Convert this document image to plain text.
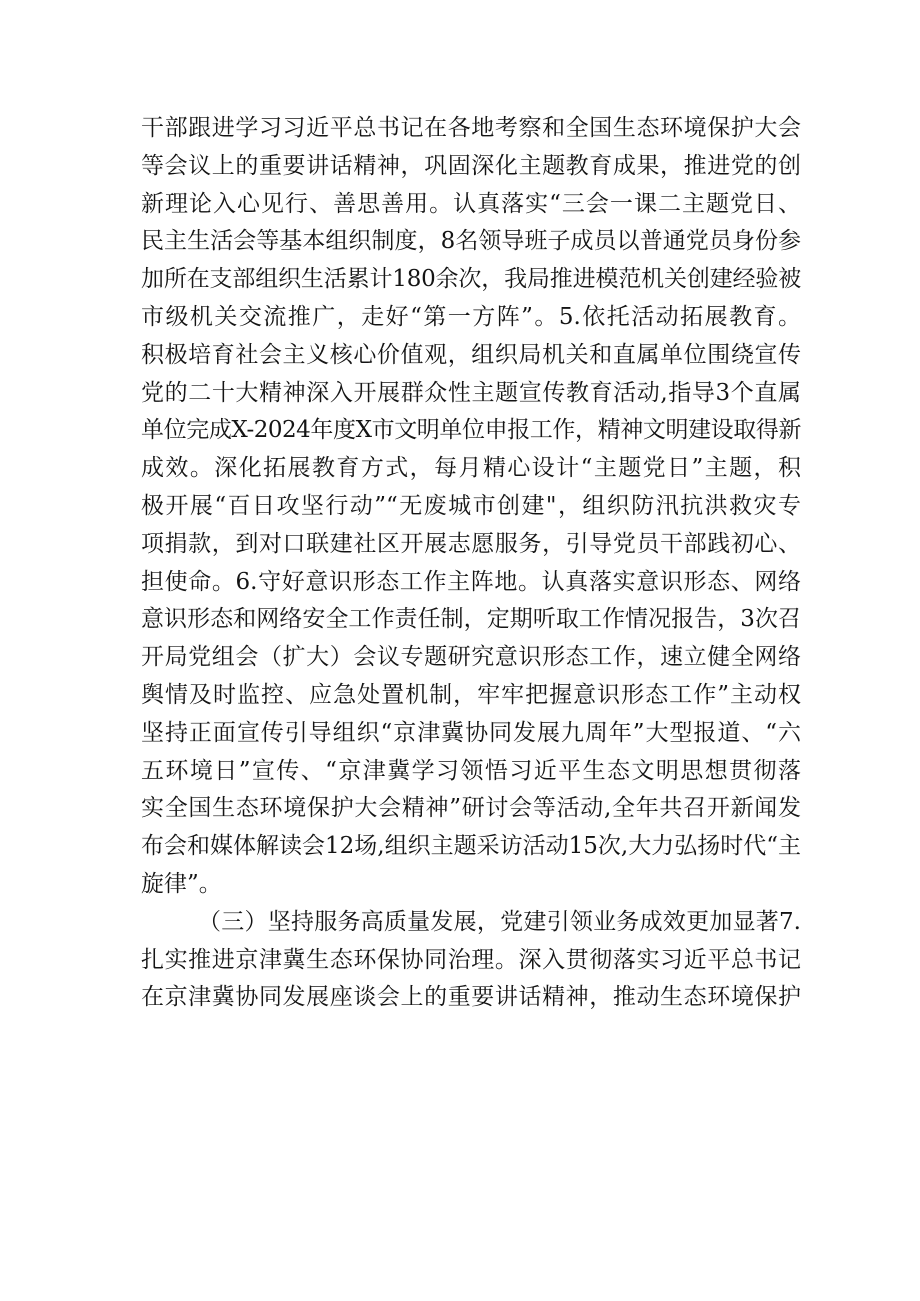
干部跟进学习习近平总书记在各地考察和全国生态环境保护大会
等会议上的重要讲话精神，巩固深化主题教育成果，推进党的创
新理论入心见行、善思善用。认真落实“三会一课二主题党日、
民主生活会等基本组织制度，8名领导班子成员以普通党员身份参
加所在支部组织生活累计180余次，我局推进模范机关创建经验被
市级机关交流推广，走好“第一方阵”。5.依托活动拓展教育。
积极培育社会主义核心价值观，组织局机关和直属单位围绕宣传
党的二十大精神深入开展群众性主题宣传教育活动,指导3个直属
单位完成X-2024年度X市文明单位申报工作，精神文明建设取得新
成效。深化拓展教育方式，每月精心设计“主题党日”主题，积
极开展“百日攻坚行动”“无废城市创建"，组织防汛抗洪救灾专
项捐款，到对口联建社区开展志愿服务，引导党员干部践初心、
担使命。6.守好意识形态工作主阵地。认真落实意识形态、网络
意识形态和网络安全工作责任制，定期听取工作情况报告，3次召
开局党组会（扩大）会议专题研究意识形态工作，速立健全网络
舆情及时监控、应急处置机制，牢牢把握意识形态工作”主动权
坚持正面宣传引导组织“京津冀协同发展九周年”大型报道、“六
五环境日”宣传、“京津冀学习领悟习近平生态文明思想贯彻落
实全国生态环境保护大会精神”研讨会等活动,全年共召开新闻发
布会和媒体解读会12场,组织主题采访活动15次,大力弘扬时代“主
旋律”。
（三）坚持服务高质量发展，党建引领业务成效更加显著7.
扎实推进京津冀生态环保协同治理。深入贯彻落实习近平总书记
在京津冀协同发展座谈会上的重要讲话精神，推动生态环境保护
